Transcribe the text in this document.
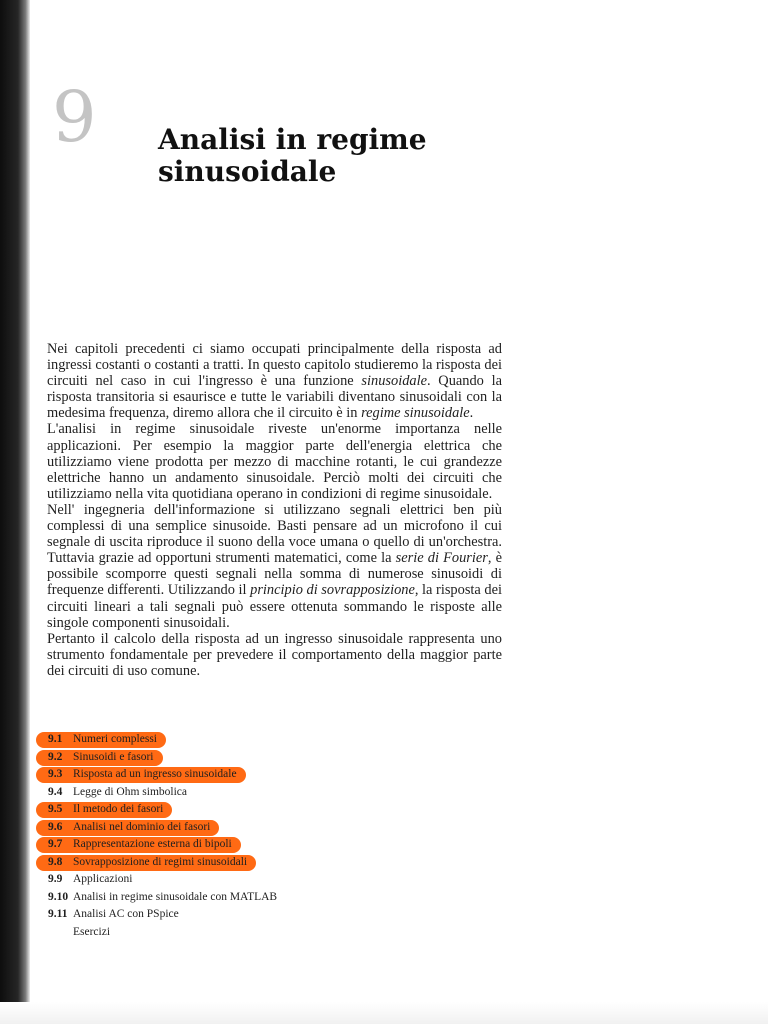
9 Analisi in regime
sinusoidale

Nei capitoli precedenti ci siamo occupati principalmente della risposta ad ingressi costanti o costanti a tratti. In questo capitolo studieremo la risposta dei circuiti nel caso in cui l'ingresso è una funzione sinusoidale. Quando la risposta transitoria si esaurisce e tutte le variabili diventano sinusoidali con la medesima frequenza, diremo allora che il circuito è in regime sinusoidale.

L'analisi in regime sinusoidale riveste un'enorme importanza nelle applicazioni. Per esempio la maggior parte dell'energia elettrica che utilizziamo viene prodotta per mezzo di macchine rotanti, le cui grandezze elettriche hanno un andamento sinusoidale. Perciò molti dei circuiti che utilizziamo nella vita quotidiana operano in condizioni di regime sinusoidale.

Nell' ingegneria dell'informazione si utilizzano segnali elettrici ben più complessi di una semplice sinusoide. Basti pensare ad un microfono il cui segnale di uscita riproduce il suono della voce umana o quello di un'orchestra. Tuttavia grazie ad opportuni strumenti matematici, come la serie di Fourier, è possibile scomporre questi segnali nella somma di numerose sinusoidi di frequenze differenti. Utilizzando il principio di sovrapposizione, la risposta dei circuiti lineari a tali segnali può essere ottenuta sommando le risposte alle singole componenti sinusoidali.

Pertanto il calcolo della risposta ad un ingresso sinusoidale rappresenta uno strumento fondamentale per prevedere il comportamento della maggior parte dei circuiti di uso comune.

9.1 Numeri complessi
9.2 Sinusoidi e fasori
9.3 Risposta ad un ingresso sinusoidale
9.4 Legge di Ohm simbolica
9.5 Il metodo dei fasori
9.6 Analisi nel dominio dei fasori
9.7 Rappresentazione esterna di bipoli
9.8 Sovrapposizione di regimi sinusoidali
9.9 Applicazioni
9.10 Analisi in regime sinusoidale con MATLAB
9.11 Analisi AC con PSpice
Esercizi
